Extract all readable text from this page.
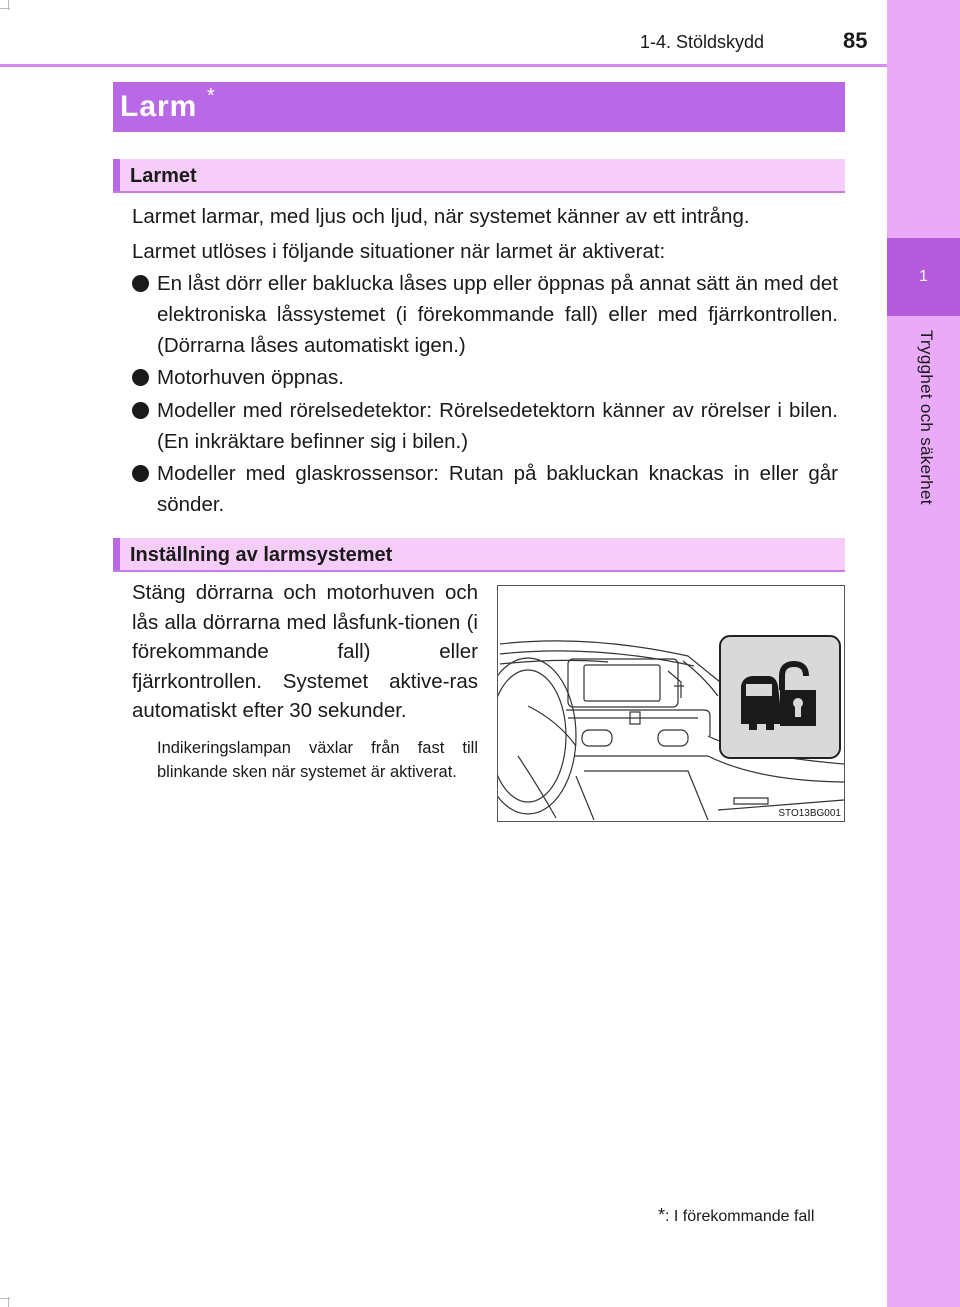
1
Trygghet och säkerhet
1-4. Stöldskydd	85
Larm *
Larmet
Larmet larmar, med ljus och ljud, när systemet känner av ett intrång.
Larmet utlöses i följande situationer när larmet är aktiverat:
En låst dörr eller baklucka låses upp eller öppnas på annat sätt än med det elektroniska låssystemet (i förekommande fall) eller med fjärrkontrollen. (Dörrarna låses automatiskt igen.)
Motorhuven öppnas.
Modeller med rörelsedetektor: Rörelsedetektorn känner av rörelser i bilen. (En inkräktare befinner sig i bilen.)
Modeller med glaskrossensor: Rutan på bakluckan knackas in eller går sönder.
Inställning av larmsystemet
Stäng dörrarna och motorhuven och lås alla dörrarna med låsfunk-tionen (i förekommande fall) eller fjärrkontrollen. Systemet aktive-ras automatiskt efter 30 sekunder.
Indikeringslampan växlar från fast till blinkande sken när systemet är aktiverat.
STO13BG001
*: I förekommande fall
